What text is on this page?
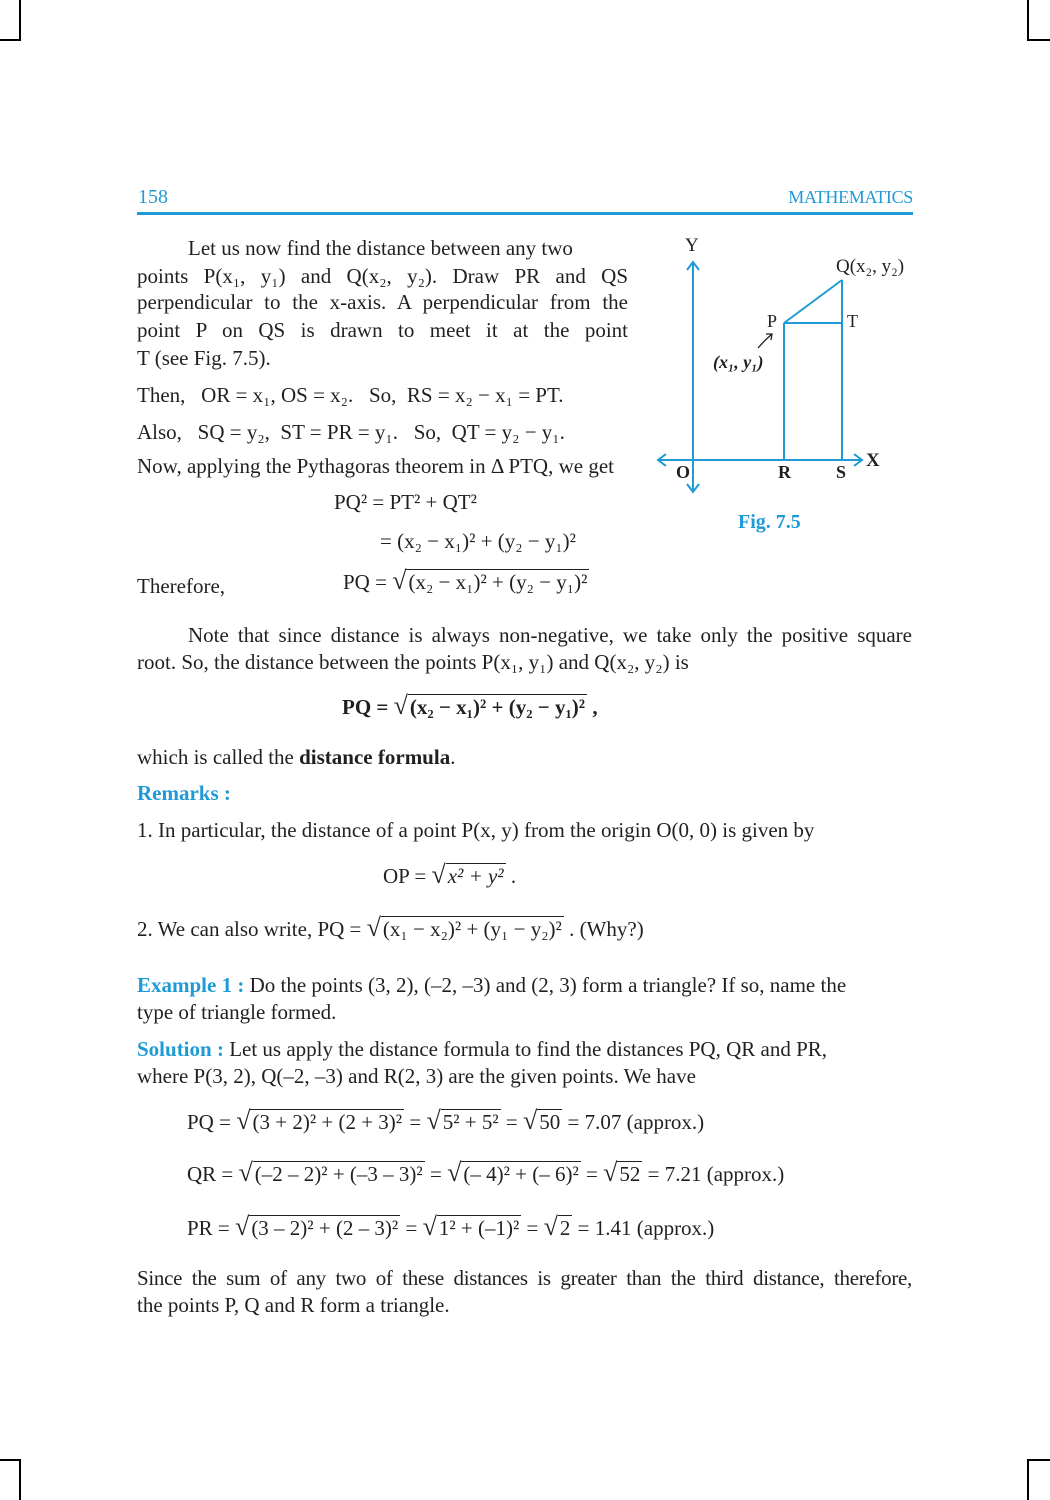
158	MATHEMATICS
Let us now find the distance between any two
points P(x₁, y₁) and Q(x₂, y₂). Draw PR and QS
perpendicular to the x-axis. A perpendicular from the
point P on QS is drawn to meet it at the point
T (see Fig. 7.5).
Then,   OR = x₁, OS = x₂.   So,  RS = x₂ − x₁ = PT.
Also,   SQ = y₂,  ST = PR = y₁.   So,  QT = y₂ − y₁.
Now, applying the Pythagoras theorem in Δ PTQ, we get
PQ² = PT² + QT²
= (x₂ − x₁)² + (y₂ − y₁)²
Therefore,	PQ = √(x₂ − x₁)² + (y₂ − y₁)²
Y
Q(x₂, y₂)
P	T
(x₁, y₁)
O	R	S
X
Fig. 7.5
Note that since distance is always non-negative, we take only the positive square
root. So, the distance between the points P(x₁, y₁) and Q(x₂, y₂) is
PQ = √(x₂ − x₁)² + (y₂ − y₁)² ,
which is called the distance formula.
Remarks :
1. In particular, the distance of a point P(x, y) from the origin O(0, 0) is given by
OP = √x² + y² .
2. We can also write, PQ = √(x₁ − x₂)² + (y₁ − y₂)² . (Why?)
Example 1 : Do the points (3, 2), (–2, –3) and (2, 3) form a triangle? If so, name the
type of triangle formed.
Solution : Let us apply the distance formula to find the distances PQ, QR and PR,
where P(3, 2), Q(–2, –3) and R(2, 3) are the given points. We have
PQ = √(3 + 2)² + (2 + 3)² = √5² + 5² = √50 = 7.07 (approx.)
QR = √(–2 – 2)² + (–3 – 3)² = √(– 4)² + (– 6)² = √52 = 7.21 (approx.)
PR = √(3 – 2)² + (2 – 3)² = √1² + (–1)² = √2 = 1.41 (approx.)
Since the sum of any two of these distances is greater than the third distance, therefore,
the points P, Q and R form a triangle.
